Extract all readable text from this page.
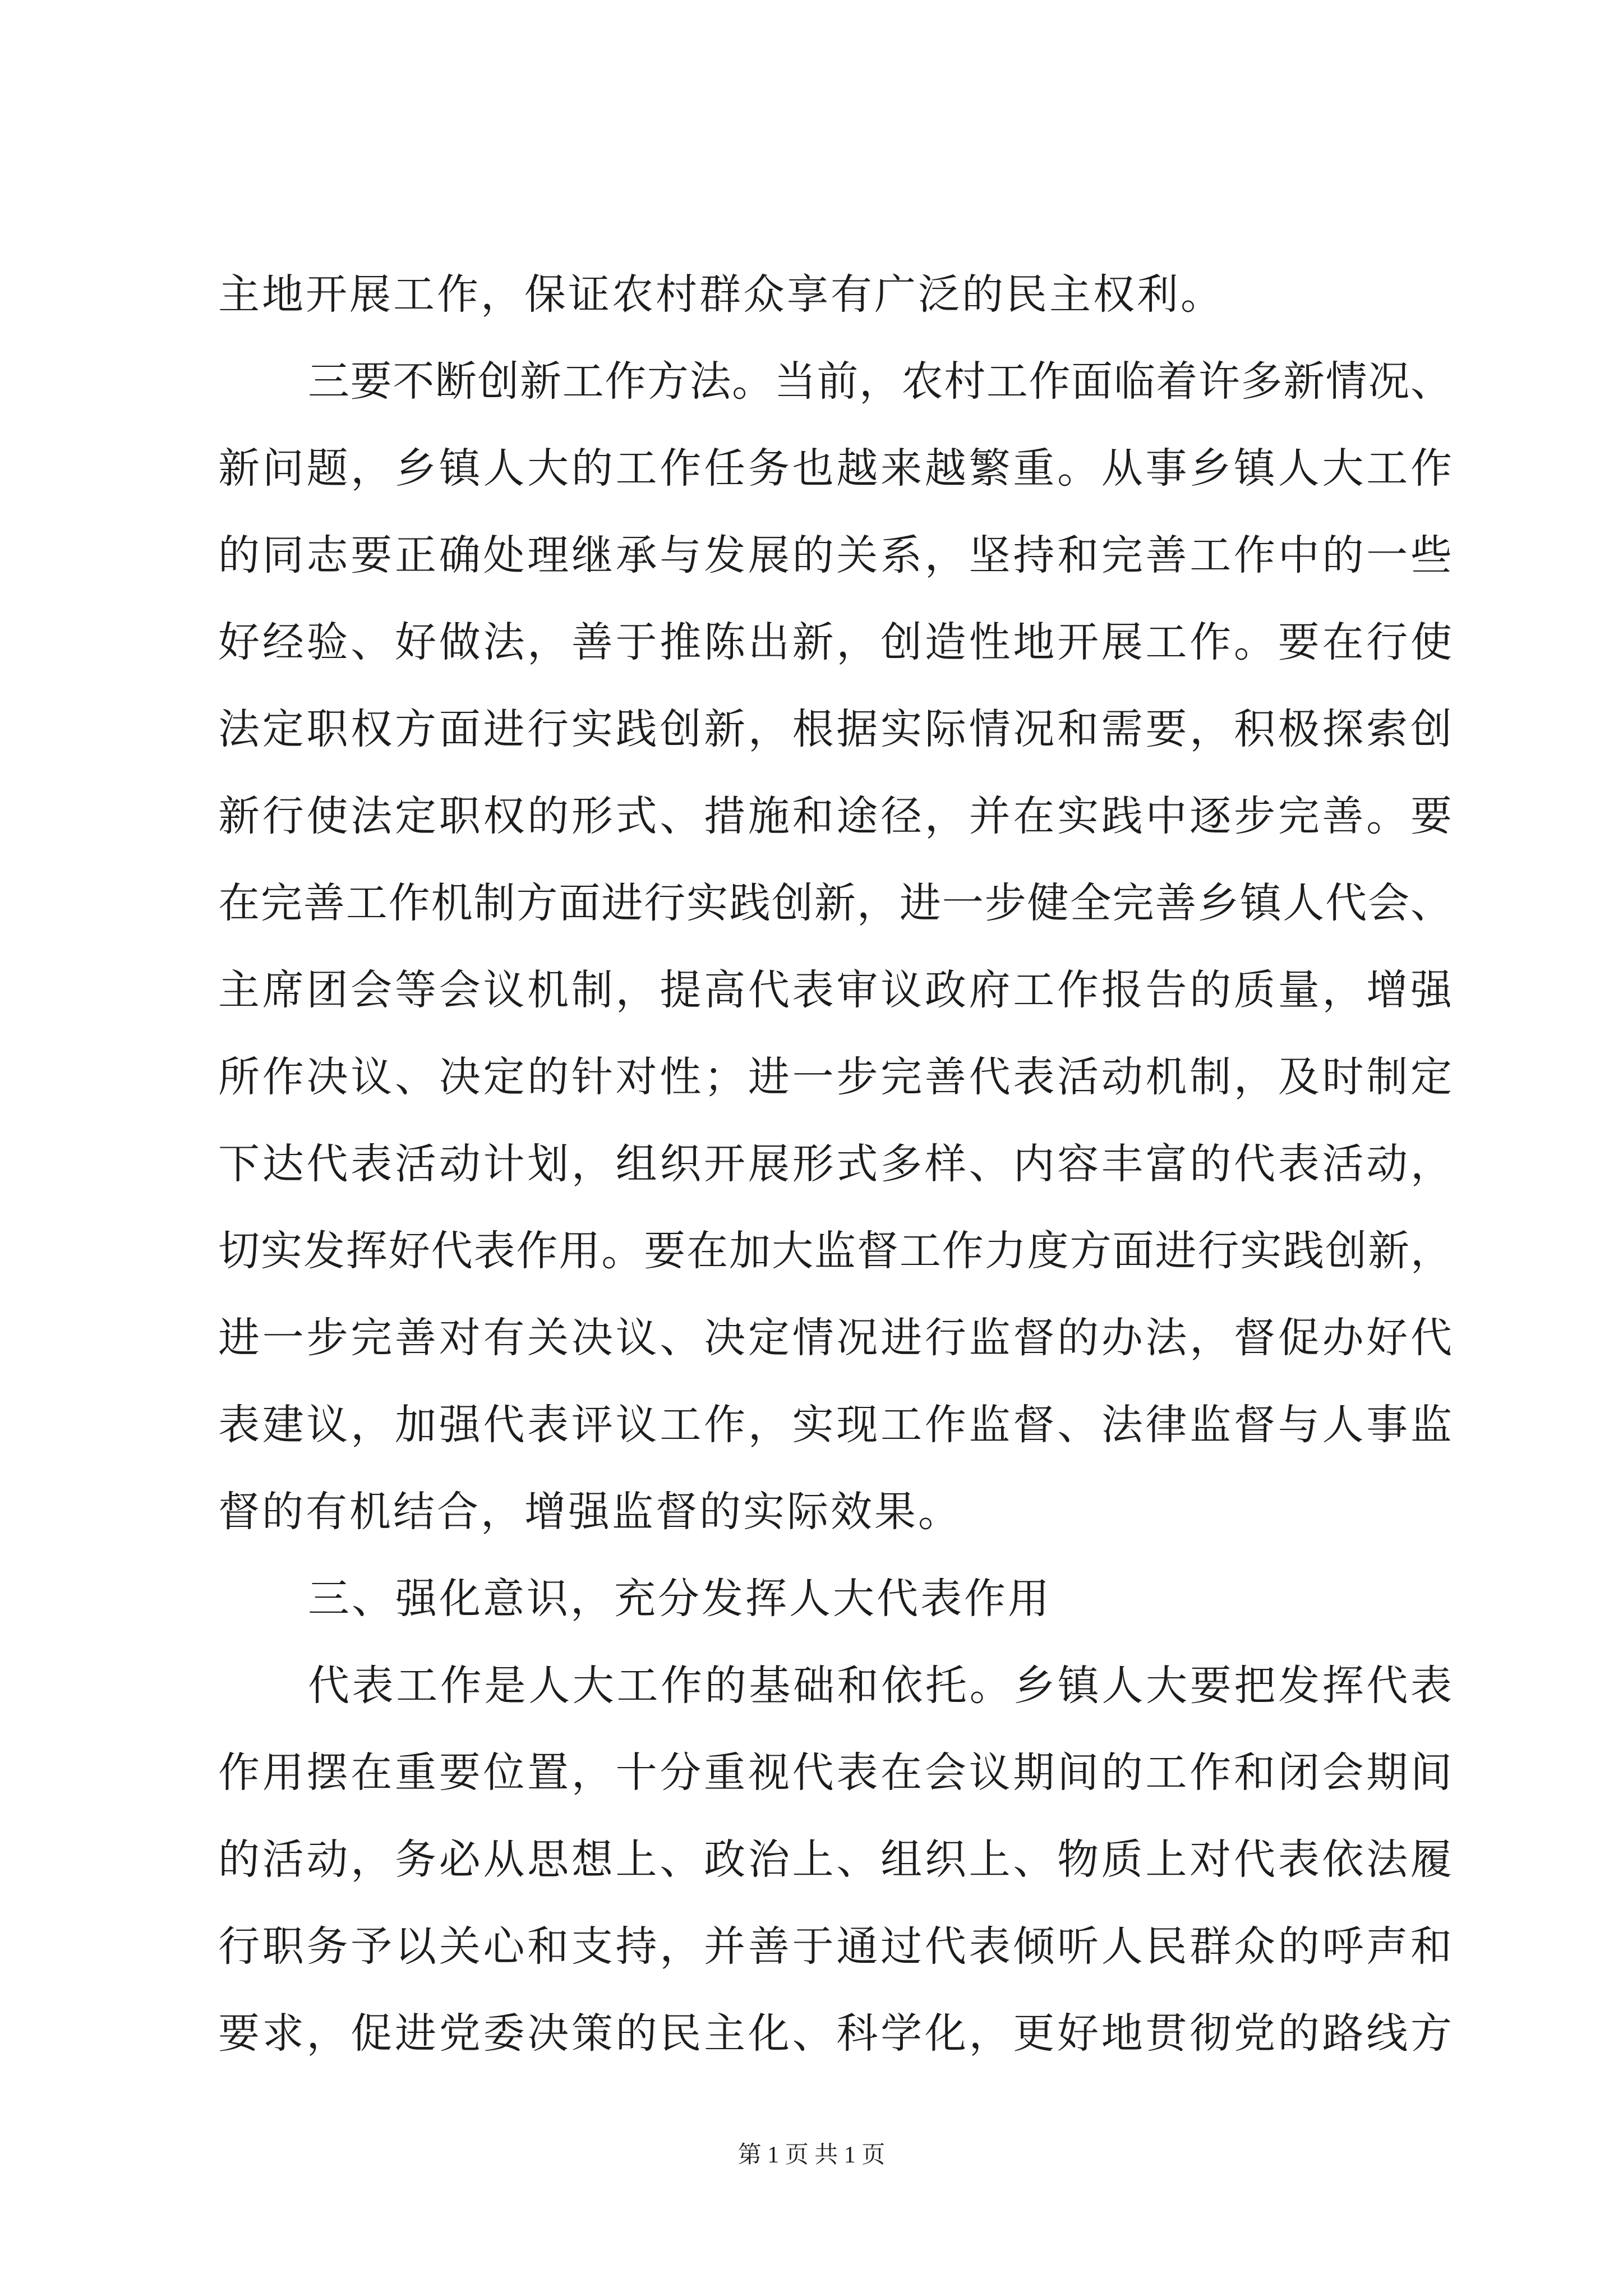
主地开展工作，保证农村群众享有广泛的民主权利。
三要不断创新工作方法。当前，农村工作面临着许多新情况、
新问题，乡镇人大的工作任务也越来越繁重。从事乡镇人大工作
的同志要正确处理继承与发展的关系，坚持和完善工作中的一些
好经验、好做法，善于推陈出新，创造性地开展工作。要在行使
法定职权方面进行实践创新，根据实际情况和需要，积极探索创
新行使法定职权的形式、措施和途径，并在实践中逐步完善。要
在完善工作机制方面进行实践创新，进一步健全完善乡镇人代会、
主席团会等会议机制，提高代表审议政府工作报告的质量，增强
所作决议、决定的针对性；进一步完善代表活动机制，及时制定
下达代表活动计划，组织开展形式多样、内容丰富的代表活动，
切实发挥好代表作用。要在加大监督工作力度方面进行实践创新，
进一步完善对有关决议、决定情况进行监督的办法，督促办好代
表建议，加强代表评议工作，实现工作监督、法律监督与人事监
督的有机结合，增强监督的实际效果。
三、强化意识，充分发挥人大代表作用
代表工作是人大工作的基础和依托。乡镇人大要把发挥代表
作用摆在重要位置，十分重视代表在会议期间的工作和闭会期间
的活动，务必从思想上、政治上、组织上、物质上对代表依法履
行职务予以关心和支持，并善于通过代表倾听人民群众的呼声和
要求，促进党委决策的民主化、科学化，更好地贯彻党的路线方
第 1 页 共 1 页
